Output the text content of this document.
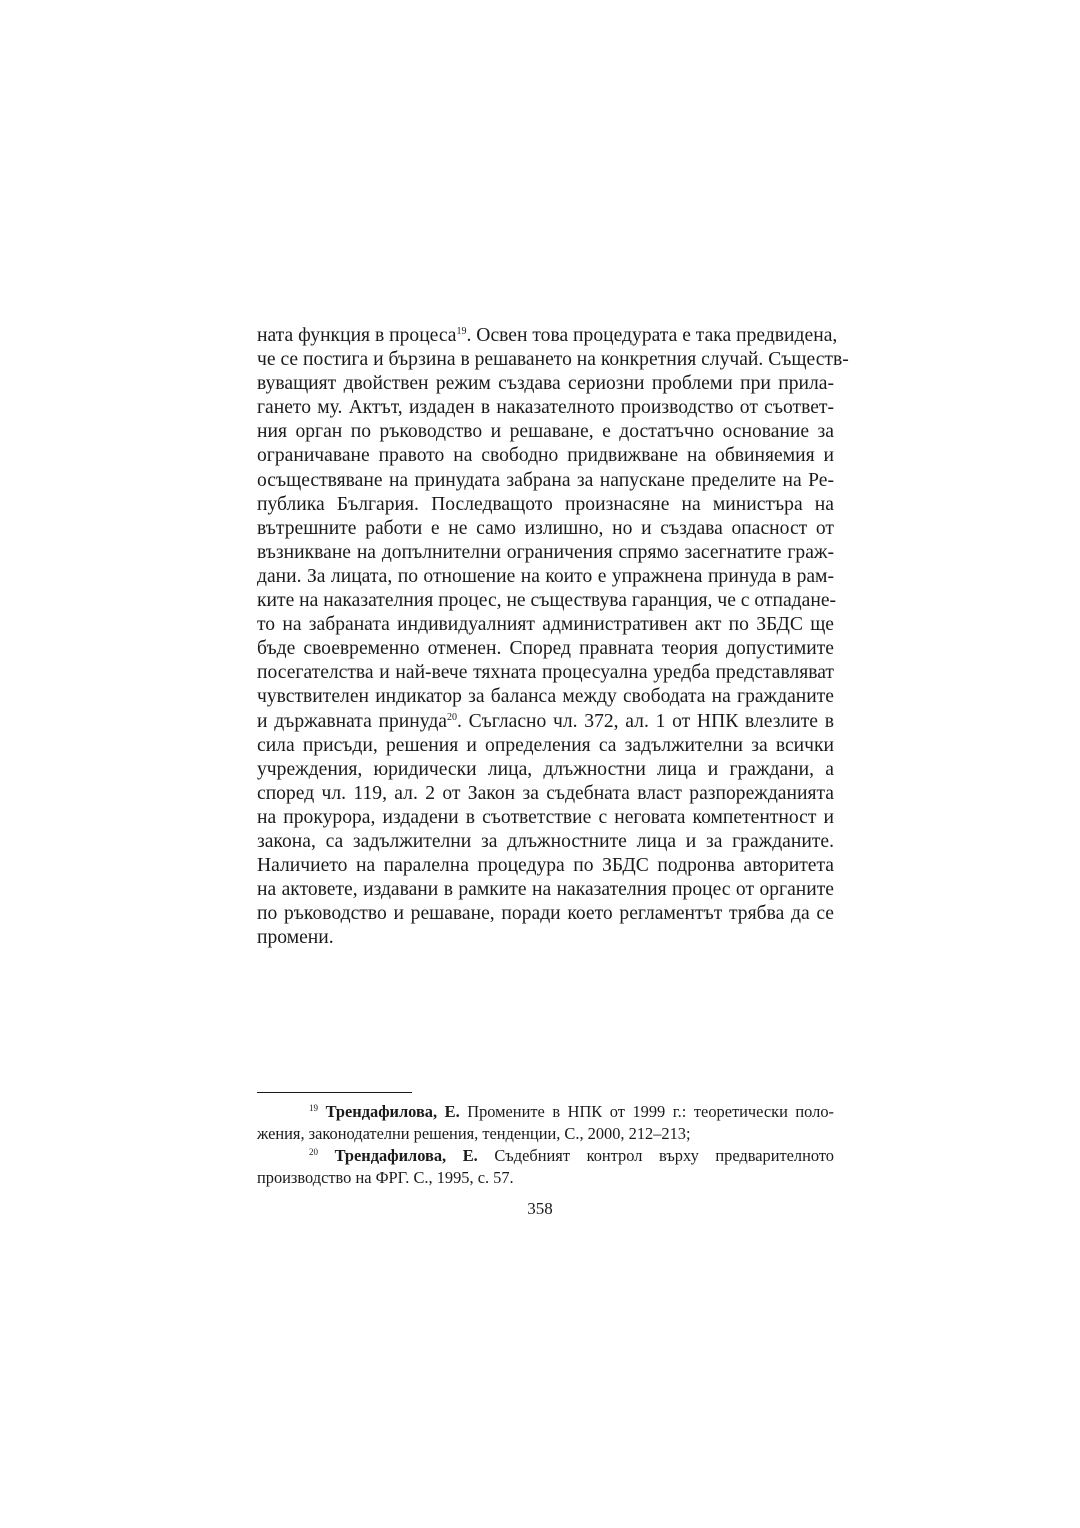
ната функция в процеса$^{19}$. Освен това процедурата е така предвидена,
че се постига и бързина в решаването на конкретния случай. Съществ-
вуващият двойствен режим създава сериозни проблеми при прила-
гането му. Актът, издаден в наказателното производство от съответ-
ния орган по ръководство и решаване, е достатъчно основание за
ограничаване правото на свободно придвижване на обвиняемия и
осъществяване на принудата забрана за напускане пределите на Ре-
публика България. Последващото произнасяне на министъра на
вътрешните работи е не само излишно, но и създава опасност от
възникване на допълнителни ограничения спрямо засегнатите граж-
дани. За лицата, по отношение на които е упражнена принуда в рам-
ките на наказателния процес, не съществува гаранция, че с отпадане-
то на забраната индивидуалният административен акт по ЗБДС ще
бъде своевременно отменен. Според правната теория допустимите
посегателства и най-вече тяхната процесуална уредба представляват
чувствителен индикатор за баланса между свободата на гражданите
и държавната принуда$^{20}$. Съгласно чл. 372, ал. 1 от НПК влезлите в
сила присъди, решения и определения са задължителни за всички
учреждения, юридически лица, длъжностни лица и граждани, а
според чл. 119, ал. 2 от Закон за съдебната власт разпорежданията
на прокурора, издадени в съответствие с неговата компетентност и
закона, са задължителни за длъжностните лица и за гражданите.
Наличието на паралелна процедура по ЗБДС подронва авторитета
на актовете, издавани в рамките на наказателния процес от органите
по ръководство и решаване, поради което регламентът трябва да се
промени.
$^{19}$ Трендафилова, Е. Промените в НПК от 1999 г.: теоретически поло-
жения, законодателни решения, тенденции, С., 2000, 212–213;
$^{20}$ Трендафилова, Е. Съдебният контрол върху предварителното
производство на ФРГ. С., 1995, с. 57.
358
